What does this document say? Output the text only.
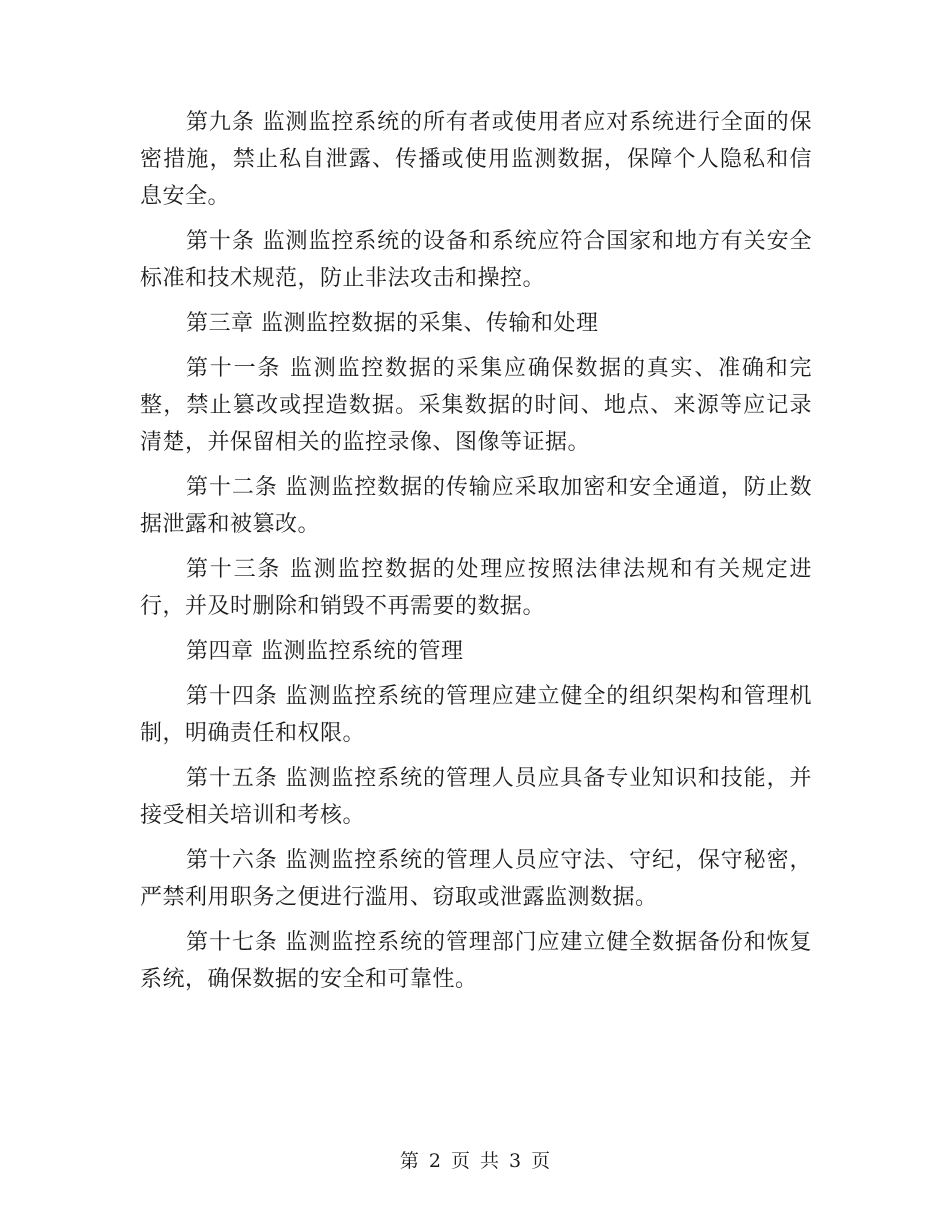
第九条 监测监控系统的所有者或使用者应对系统进行全面的保密措施，禁止私自泄露、传播或使用监测数据，保障个人隐私和信息安全。

第十条 监测监控系统的设备和系统应符合国家和地方有关安全标准和技术规范，防止非法攻击和操控。

第三章 监测监控数据的采集、传输和处理

第十一条 监测监控数据的采集应确保数据的真实、准确和完整，禁止篡改或捏造数据。采集数据的时间、地点、来源等应记录清楚，并保留相关的监控录像、图像等证据。

第十二条 监测监控数据的传输应采取加密和安全通道，防止数据泄露和被篡改。

第十三条 监测监控数据的处理应按照法律法规和有关规定进行，并及时删除和销毁不再需要的数据。

第四章 监测监控系统的管理

第十四条 监测监控系统的管理应建立健全的组织架构和管理机制，明确责任和权限。

第十五条 监测监控系统的管理人员应具备专业知识和技能，并接受相关培训和考核。

第十六条 监测监控系统的管理人员应守法、守纪，保守秘密，严禁利用职务之便进行滥用、窃取或泄露监测数据。

第十七条 监测监控系统的管理部门应建立健全数据备份和恢复系统，确保数据的安全和可靠性。

第 2 页 共 3 页
